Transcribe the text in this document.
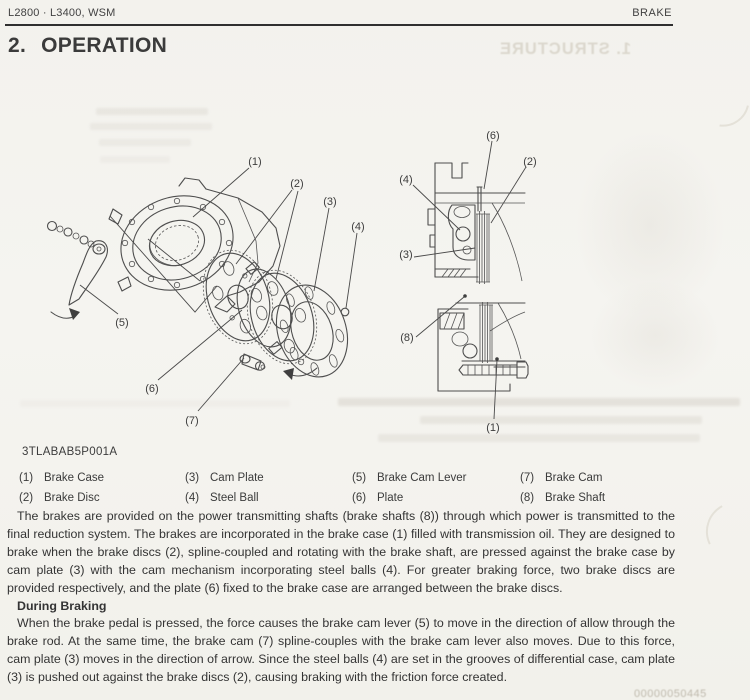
L2800 · L3400, WSM	BRAKE
1. STRUCTURE
2. OPERATION
(1)
(2)
(3)
(4)
(5)
(6)
(7)
(6)
(2)
(4)
(3)
(8)
(1)
3TLABAB5P001A
(1) Brake Case	(3) Cam Plate	(5) Brake Cam Lever	(7) Brake Cam
(2) Brake Disc	(4) Steel Ball	(6) Plate	(8) Brake Shaft

The brakes are provided on the power transmitting shafts (brake shafts (8)) through which power is transmitted to the final reduction system. The brakes are incorporated in the brake case (1) filled with transmission oil. They are designed to brake when the brake discs (2), spline-coupled and rotating with the brake shaft, are pressed against the brake case by cam plate (3) with the cam mechanism incorporating steel balls (4). For greater braking force, two brake discs are provided respectively, and the plate (6) fixed to the brake case are arranged between the brake discs.

During Braking

When the brake pedal is pressed, the force causes the brake cam lever (5) to move in the direction of allow through the brake rod. At the same time, the brake cam (7) spline-couples with the brake cam lever also moves. Due to this force, cam plate (3) moves in the direction of arrow. Since the steel balls (4) are set in the grooves of differential case, cam plate (3) is pushed out against the brake discs (2), causing braking with the friction force created.

00000050445
